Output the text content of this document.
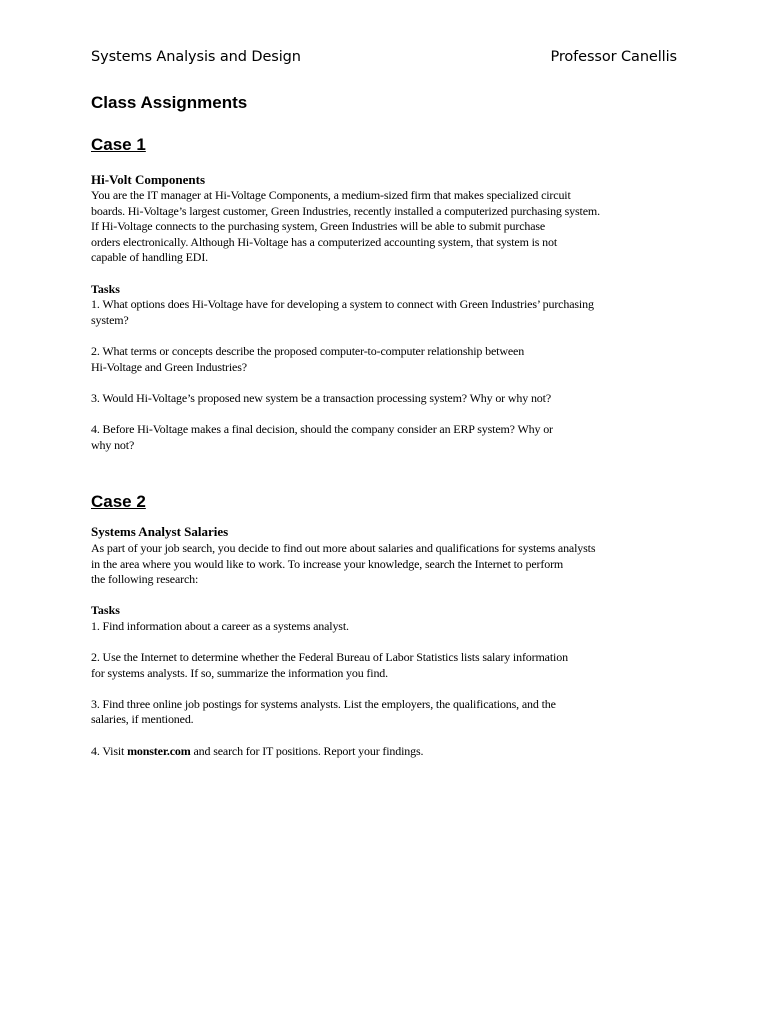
Systems Analysis and Design	Professor Canellis
Class Assignments
Case 1
Hi-Volt Components
You are the IT manager at Hi-Voltage Components, a medium-sized firm that makes specialized circuit
boards. Hi-Voltage’s largest customer, Green Industries, recently installed a computerized purchasing system.
If Hi-Voltage connects to the purchasing system, Green Industries will be able to submit purchase
orders electronically. Although Hi-Voltage has a computerized accounting system, that system is not
capable of handling EDI.
Tasks
1. What options does Hi-Voltage have for developing a system to connect with Green Industries’ purchasing
system?
2. What terms or concepts describe the proposed computer-to-computer relationship between
Hi-Voltage and Green Industries?
3. Would Hi-Voltage’s proposed new system be a transaction processing system? Why or why not?
4. Before Hi-Voltage makes a final decision, should the company consider an ERP system? Why or
why not?
Case 2
Systems Analyst Salaries
As part of your job search, you decide to find out more about salaries and qualifications for systems analysts
in the area where you would like to work. To increase your knowledge, search the Internet to perform
the following research:
Tasks
1. Find information about a career as a systems analyst.
2. Use the Internet to determine whether the Federal Bureau of Labor Statistics lists salary information
for systems analysts. If so, summarize the information you find.
3. Find three online job postings for systems analysts. List the employers, the qualifications, and the
salaries, if mentioned.
4. Visit monster.com and search for IT positions. Report your findings.
